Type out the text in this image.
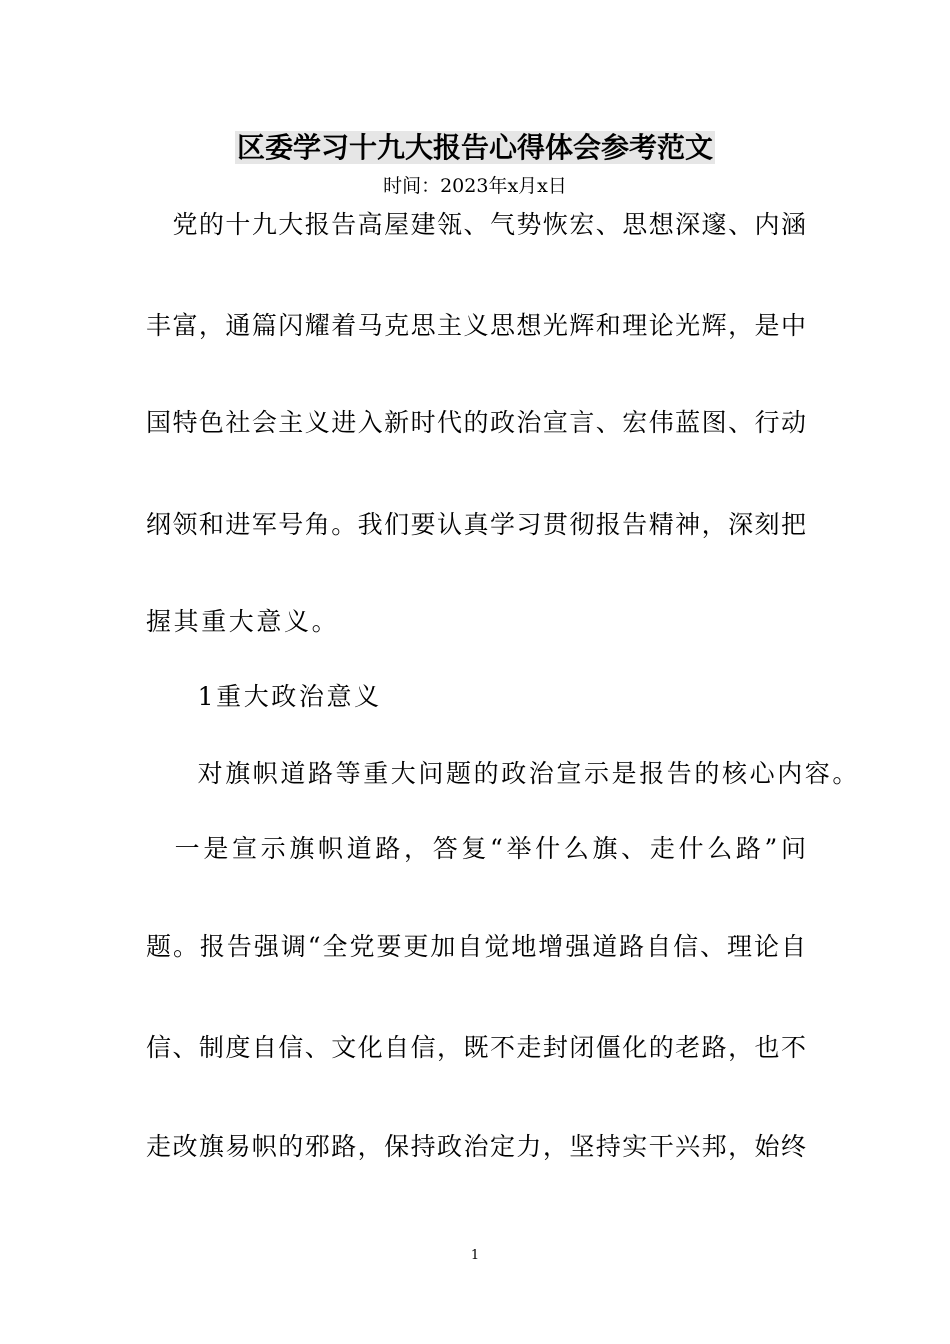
区委学习十九大报告心得体会参考范文
时间：2023年x月x日
　党的十九大报告高屋建瓴、气势恢宏、思想深邃、内涵
丰富，通篇闪耀着马克思主义思想光辉和理论光辉，是中
国特色社会主义进入新时代的政治宣言、宏伟蓝图、行动
纲领和进军号角。我们要认真学习贯彻报告精神，深刻把
握其重大意义。
　1重大政治意义
　对旗帜道路等重大问题的政治宣示是报告的核心内容。
　一是宣示旗帜道路，答复“举什么旗、走什么路”问
题。报告强调“全党要更加自觉地增强道路自信、理论自
信、制度自信、文化自信，既不走封闭僵化的老路，也不
走改旗易帜的邪路，保持政治定力，坚持实干兴邦，始终
1
